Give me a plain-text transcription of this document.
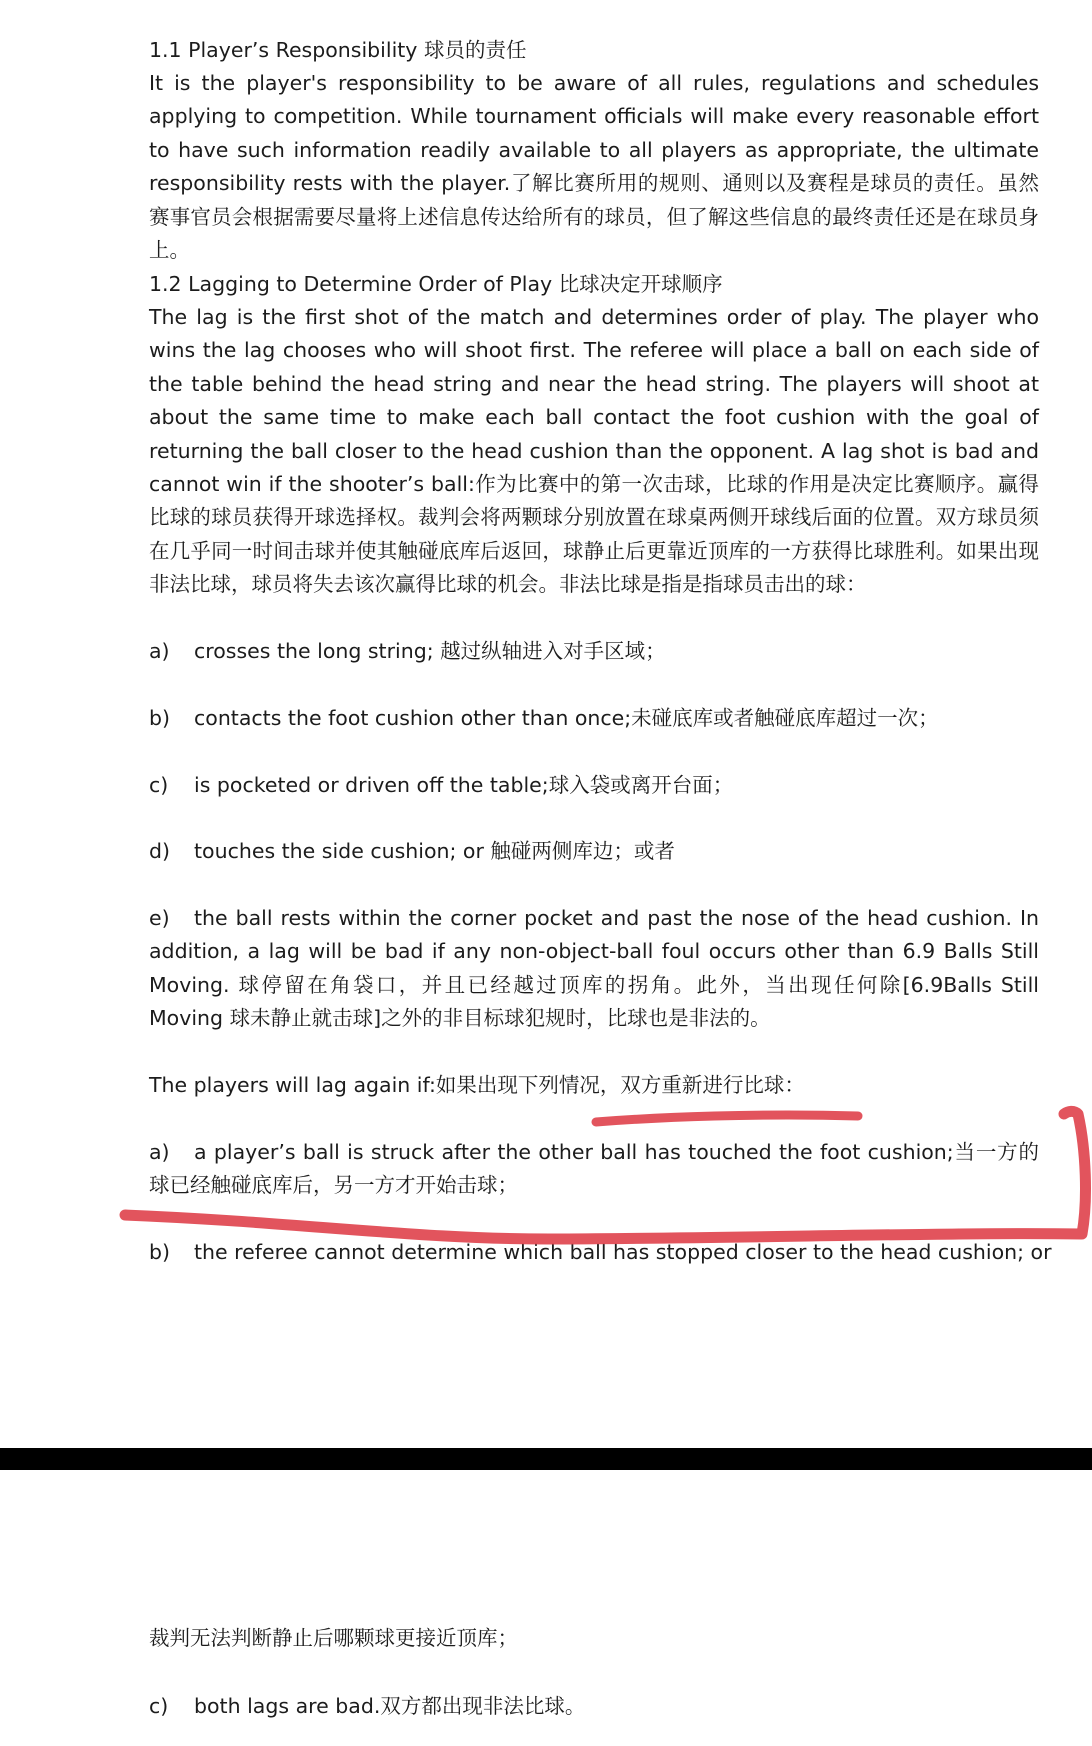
1.1 Player’s Responsibility 球员的责任

It is the player's responsibility to be aware of all rules, regulations and schedules applying to competition. While tournament officials will make every reasonable effort to have such information readily available to all players as appropriate, the ultimate responsibility rests with the player.了解比赛所用的规则、通则以及赛程是球员的责任。虽然赛事官员会根据需要尽量将上述信息传达给所有的球员，但了解这些信息的最终责任还是在球员身上。

1.2 Lagging to Determine Order of Play 比球决定开球顺序

The lag is the first shot of the match and determines order of play. The player who wins the lag chooses who will shoot first. The referee will place a ball on each side of the table behind the head string and near the head string. The players will shoot at about the same time to make each ball contact the foot cushion with the goal of returning the ball closer to the head cushion than the opponent. A lag shot is bad and cannot win if the shooter’s ball:作为比赛中的第一次击球，比球的作用是决定比赛顺序。赢得比球的球员获得开球选择权。裁判会将两颗球分别放置在球桌两侧开球线后面的位置。双方球员须在几乎同一时间击球并使其触碰底库后返回，球静止后更靠近顶库的一方获得比球胜利。如果出现非法比球，球员将失去该次赢得比球的机会。非法比球是指是指球员击出的球：

a) crosses the long string; 越过纵轴进入对手区域；

b) contacts the foot cushion other than once;未碰底库或者触碰底库超过一次；

c) is pocketed or driven off the table;球入袋或离开台面；

d) touches the side cushion; or 触碰两侧库边；或者

e) the ball rests within the corner pocket and past the nose of the head cushion. In addition, a lag will be bad if any non-object-ball foul occurs other than 6.9 Balls Still Moving. 球停留在角袋口，并且已经越过顶库的拐角。此外，当出现任何除[6.9Balls Still Moving 球未静止就击球]之外的非目标球犯规时，比球也是非法的。

The players will lag again if:如果出现下列情况，双方重新进行比球：

a) a player’s ball is struck after the other ball has touched the foot cushion;当一方的球已经触碰底库后，另一方才开始击球；

b) the referee cannot determine which ball has stopped closer to the head cushion; or

裁判无法判断静止后哪颗球更接近顶库；

c) both lags are bad.双方都出现非法比球。
